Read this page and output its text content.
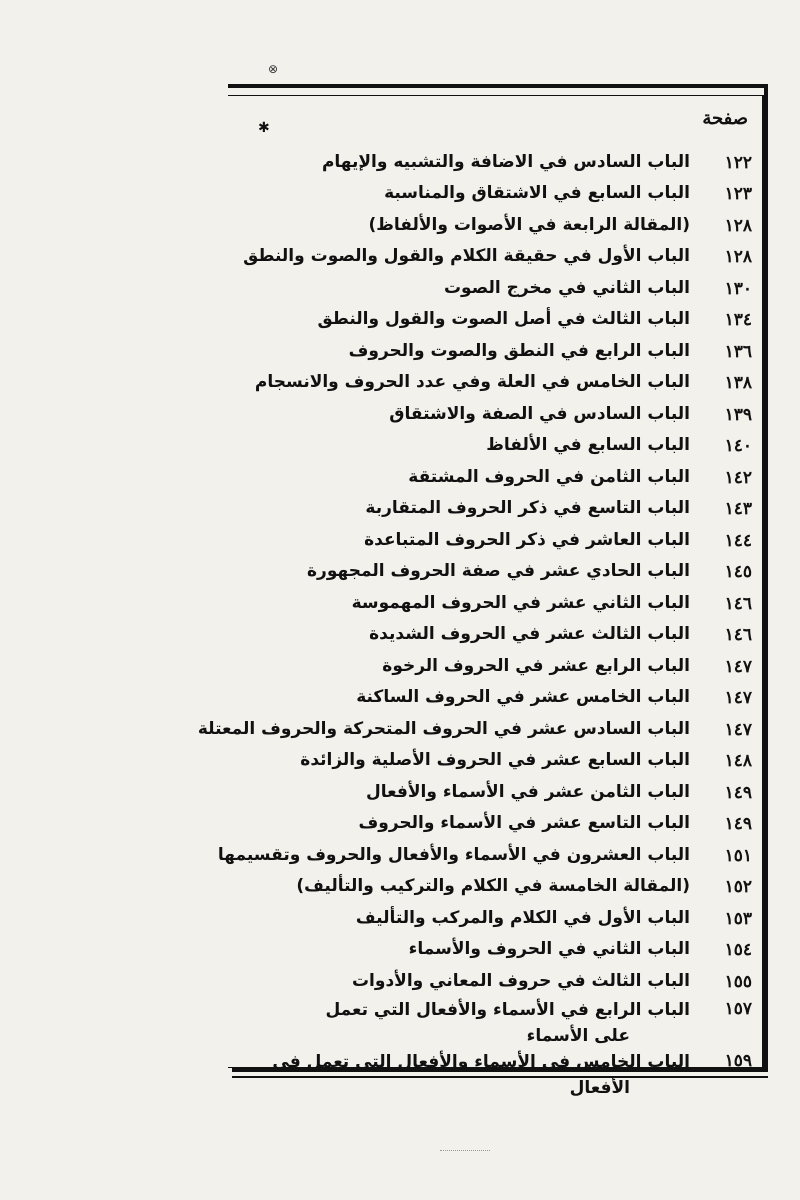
⊗
✱	صفحة
١٢٢
الباب السادس في الاضافة والتشبيه والإيهام
١٢٣
الباب السابع في الاشتقاق والمناسبة
١٢٨
(المقالة الرابعة في الأصوات والألفاظ)
١٢٨
الباب الأول في حقيقة الكلام والقول والصوت والنطق
١٣٠
الباب الثاني في مخرج الصوت
١٣٤
الباب الثالث في أصل الصوت والقول والنطق
١٣٦
الباب الرابع في النطق والصوت والحروف
١٣٨
الباب الخامس في العلة وفي عدد الحروف والانسجام
١٣٩
الباب السادس في الصفة والاشتقاق
١٤٠
الباب السابع في الألفاظ
١٤٢
الباب الثامن في الحروف المشتقة
١٤٣
الباب التاسع في ذكر الحروف المتقاربة
١٤٤
الباب العاشر في ذكر الحروف المتباعدة
١٤٥
الباب الحادي عشر في صفة الحروف المجهورة
١٤٦
الباب الثاني عشر في الحروف المهموسة
١٤٦
الباب الثالث عشر في الحروف الشديدة
١٤٧
الباب الرابع عشر في الحروف الرخوة
١٤٧
الباب الخامس عشر في الحروف الساكنة
١٤٧
الباب السادس عشر في الحروف المتحركة والحروف المعتلة
١٤٨
الباب السابع عشر في الحروف الأصلية والزائدة
١٤٩
الباب الثامن عشر في الأسماء والأفعال
١٤٩
الباب التاسع عشر في الأسماء والحروف
١٥١
الباب العشرون في الأسماء والأفعال والحروف وتقسيمها
١٥٢
(المقالة الخامسة في الكلام والتركيب والتأليف)
١٥٣
الباب الأول في الكلام والمركب والتأليف
١٥٤
الباب الثاني في الحروف والأسماء
١٥٥
الباب الثالث في حروف المعاني والأدوات
١٥٧
الباب الرابع في الأسماء والأفعال التي تعمل
على الأسماء
١٥٩
الباب الخامس في الأسماء والأفعال التي تعمل في
الأفعال
